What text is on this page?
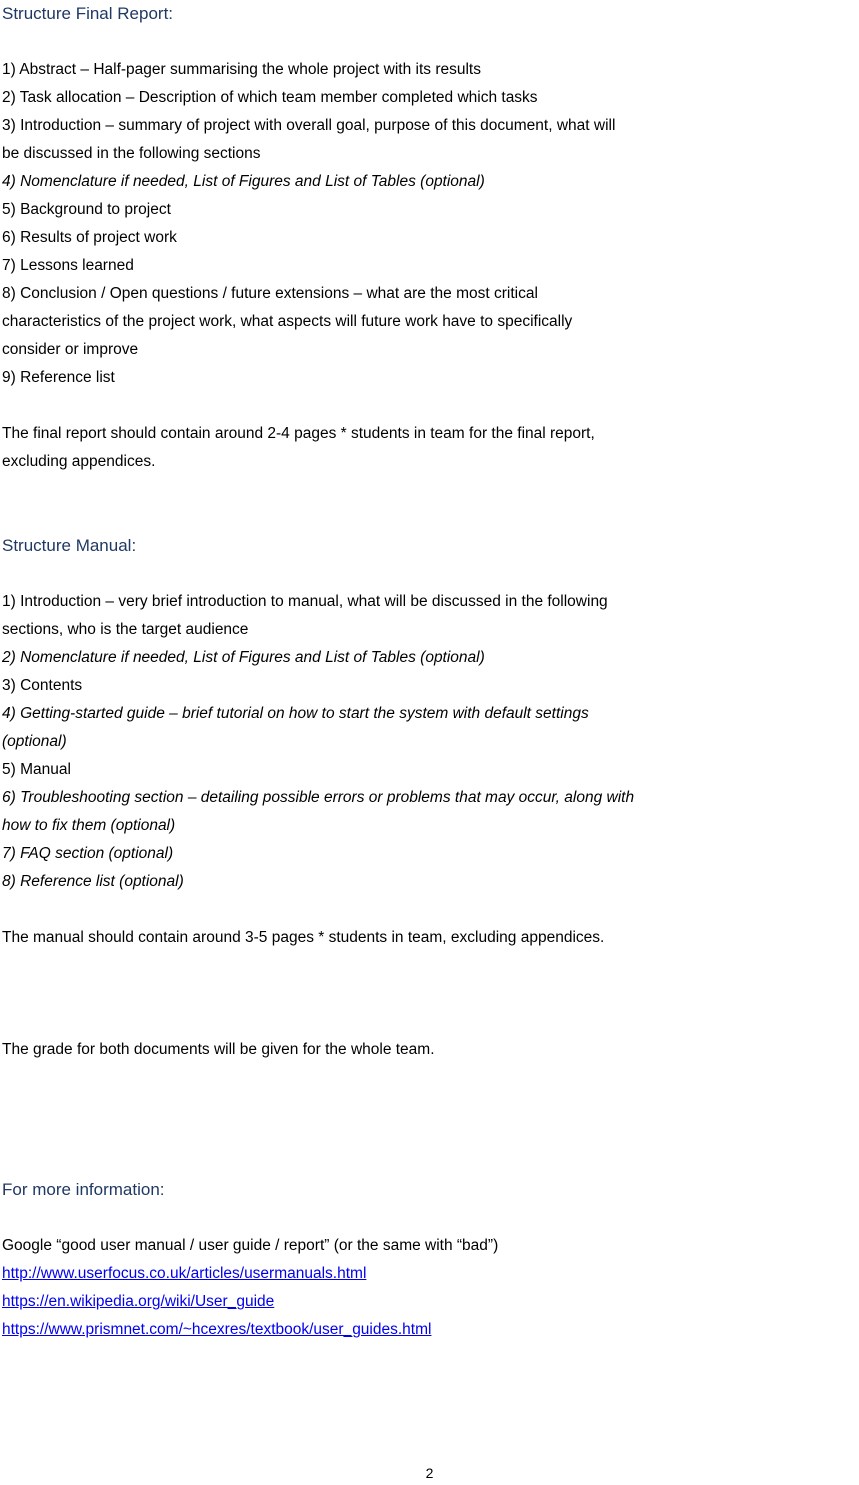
Structure Final Report:
1) Abstract – Half-pager summarising the whole project with its results
2) Task allocation – Description of which team member completed which tasks
3) Introduction – summary of project with overall goal, purpose of this document, what will
be discussed in the following sections
4) Nomenclature if needed, List of Figures and List of Tables (optional)
5) Background to project
6) Results of project work
7) Lessons learned
8) Conclusion / Open questions / future extensions – what are the most critical
characteristics of the project work, what aspects will future work have to specifically
consider or improve
9) Reference list
The final report should contain around 2-4 pages * students in team for the final report,
excluding appendices.
Structure Manual:
1) Introduction – very brief introduction to manual, what will be discussed in the following
sections, who is the target audience
2) Nomenclature if needed, List of Figures and List of Tables (optional)
3) Contents
4) Getting-started guide – brief tutorial on how to start the system with default settings
(optional)
5) Manual
6) Troubleshooting section – detailing possible errors or problems that may occur, along with
how to fix them (optional)
7) FAQ section (optional)
8) Reference list (optional)
The manual should contain around 3-5 pages * students in team, excluding appendices.
The grade for both documents will be given for the whole team.
For more information:
Google “good user manual / user guide / report” (or the same with “bad”)
http://www.userfocus.co.uk/articles/usermanuals.html
https://en.wikipedia.org/wiki/User_guide
https://www.prismnet.com/~hcexres/textbook/user_guides.html
2
